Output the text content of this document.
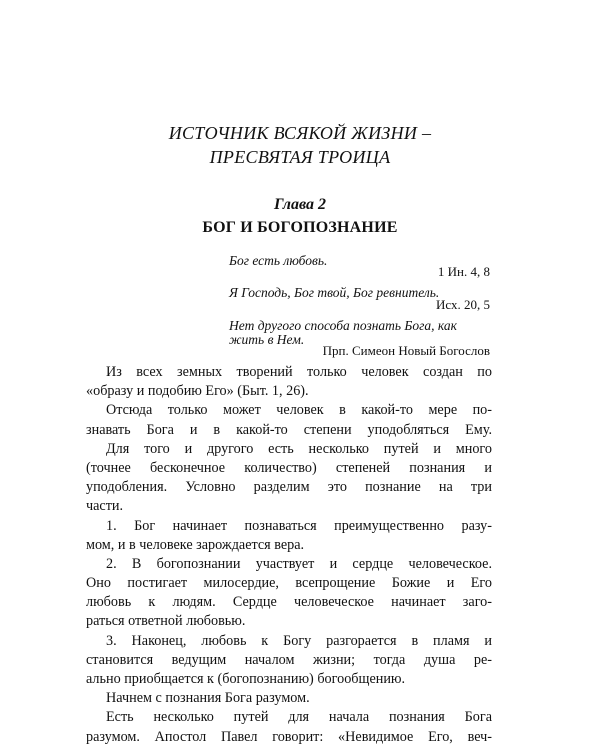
ИСТОЧНИК ВСЯКОЙ ЖИЗНИ –
ПРЕСВЯТАЯ ТРОИЦА
Глава 2
БОГ И БОГОПОЗНАНИЕ
Бог есть любовь.
1 Ин. 4, 8
Я Господь, Бог твой, Бог ревнитель.
Исх. 20, 5
Нет другого способа познать Бога, как
жить в Нем.
Прп. Симеон Новый Богослов
Из всех земных творений только человек создан по
«образу и подобию Его» (Быт. 1, 26).
Отсюда только может человек в какой-то мере по-
знавать Бога и в какой-то степени уподобляться Ему.
Для того и другого есть несколько путей и много
(точнее бесконечное количество) степеней познания и
уподобления. Условно разделим это познание на три
части.
1. Бог начинает познаваться преимущественно разу-
мом, и в человеке зарождается вера.
2. В богопознании участвует и сердце человеческое.
Оно постигает милосердие, всепрощение Божие и Его
любовь к людям. Сердце человеческое начинает заго-
раться ответной любовью.
3. Наконец, любовь к Богу разгорается в пламя и
становится ведущим началом жизни; тогда душа ре-
ально приобщается к (богопознанию) богообщению.
Начнем с познания Бога разумом.
Есть несколько путей для начала познания Бога
разумом. Апостол Павел говорит: «Невидимое Его, веч-
